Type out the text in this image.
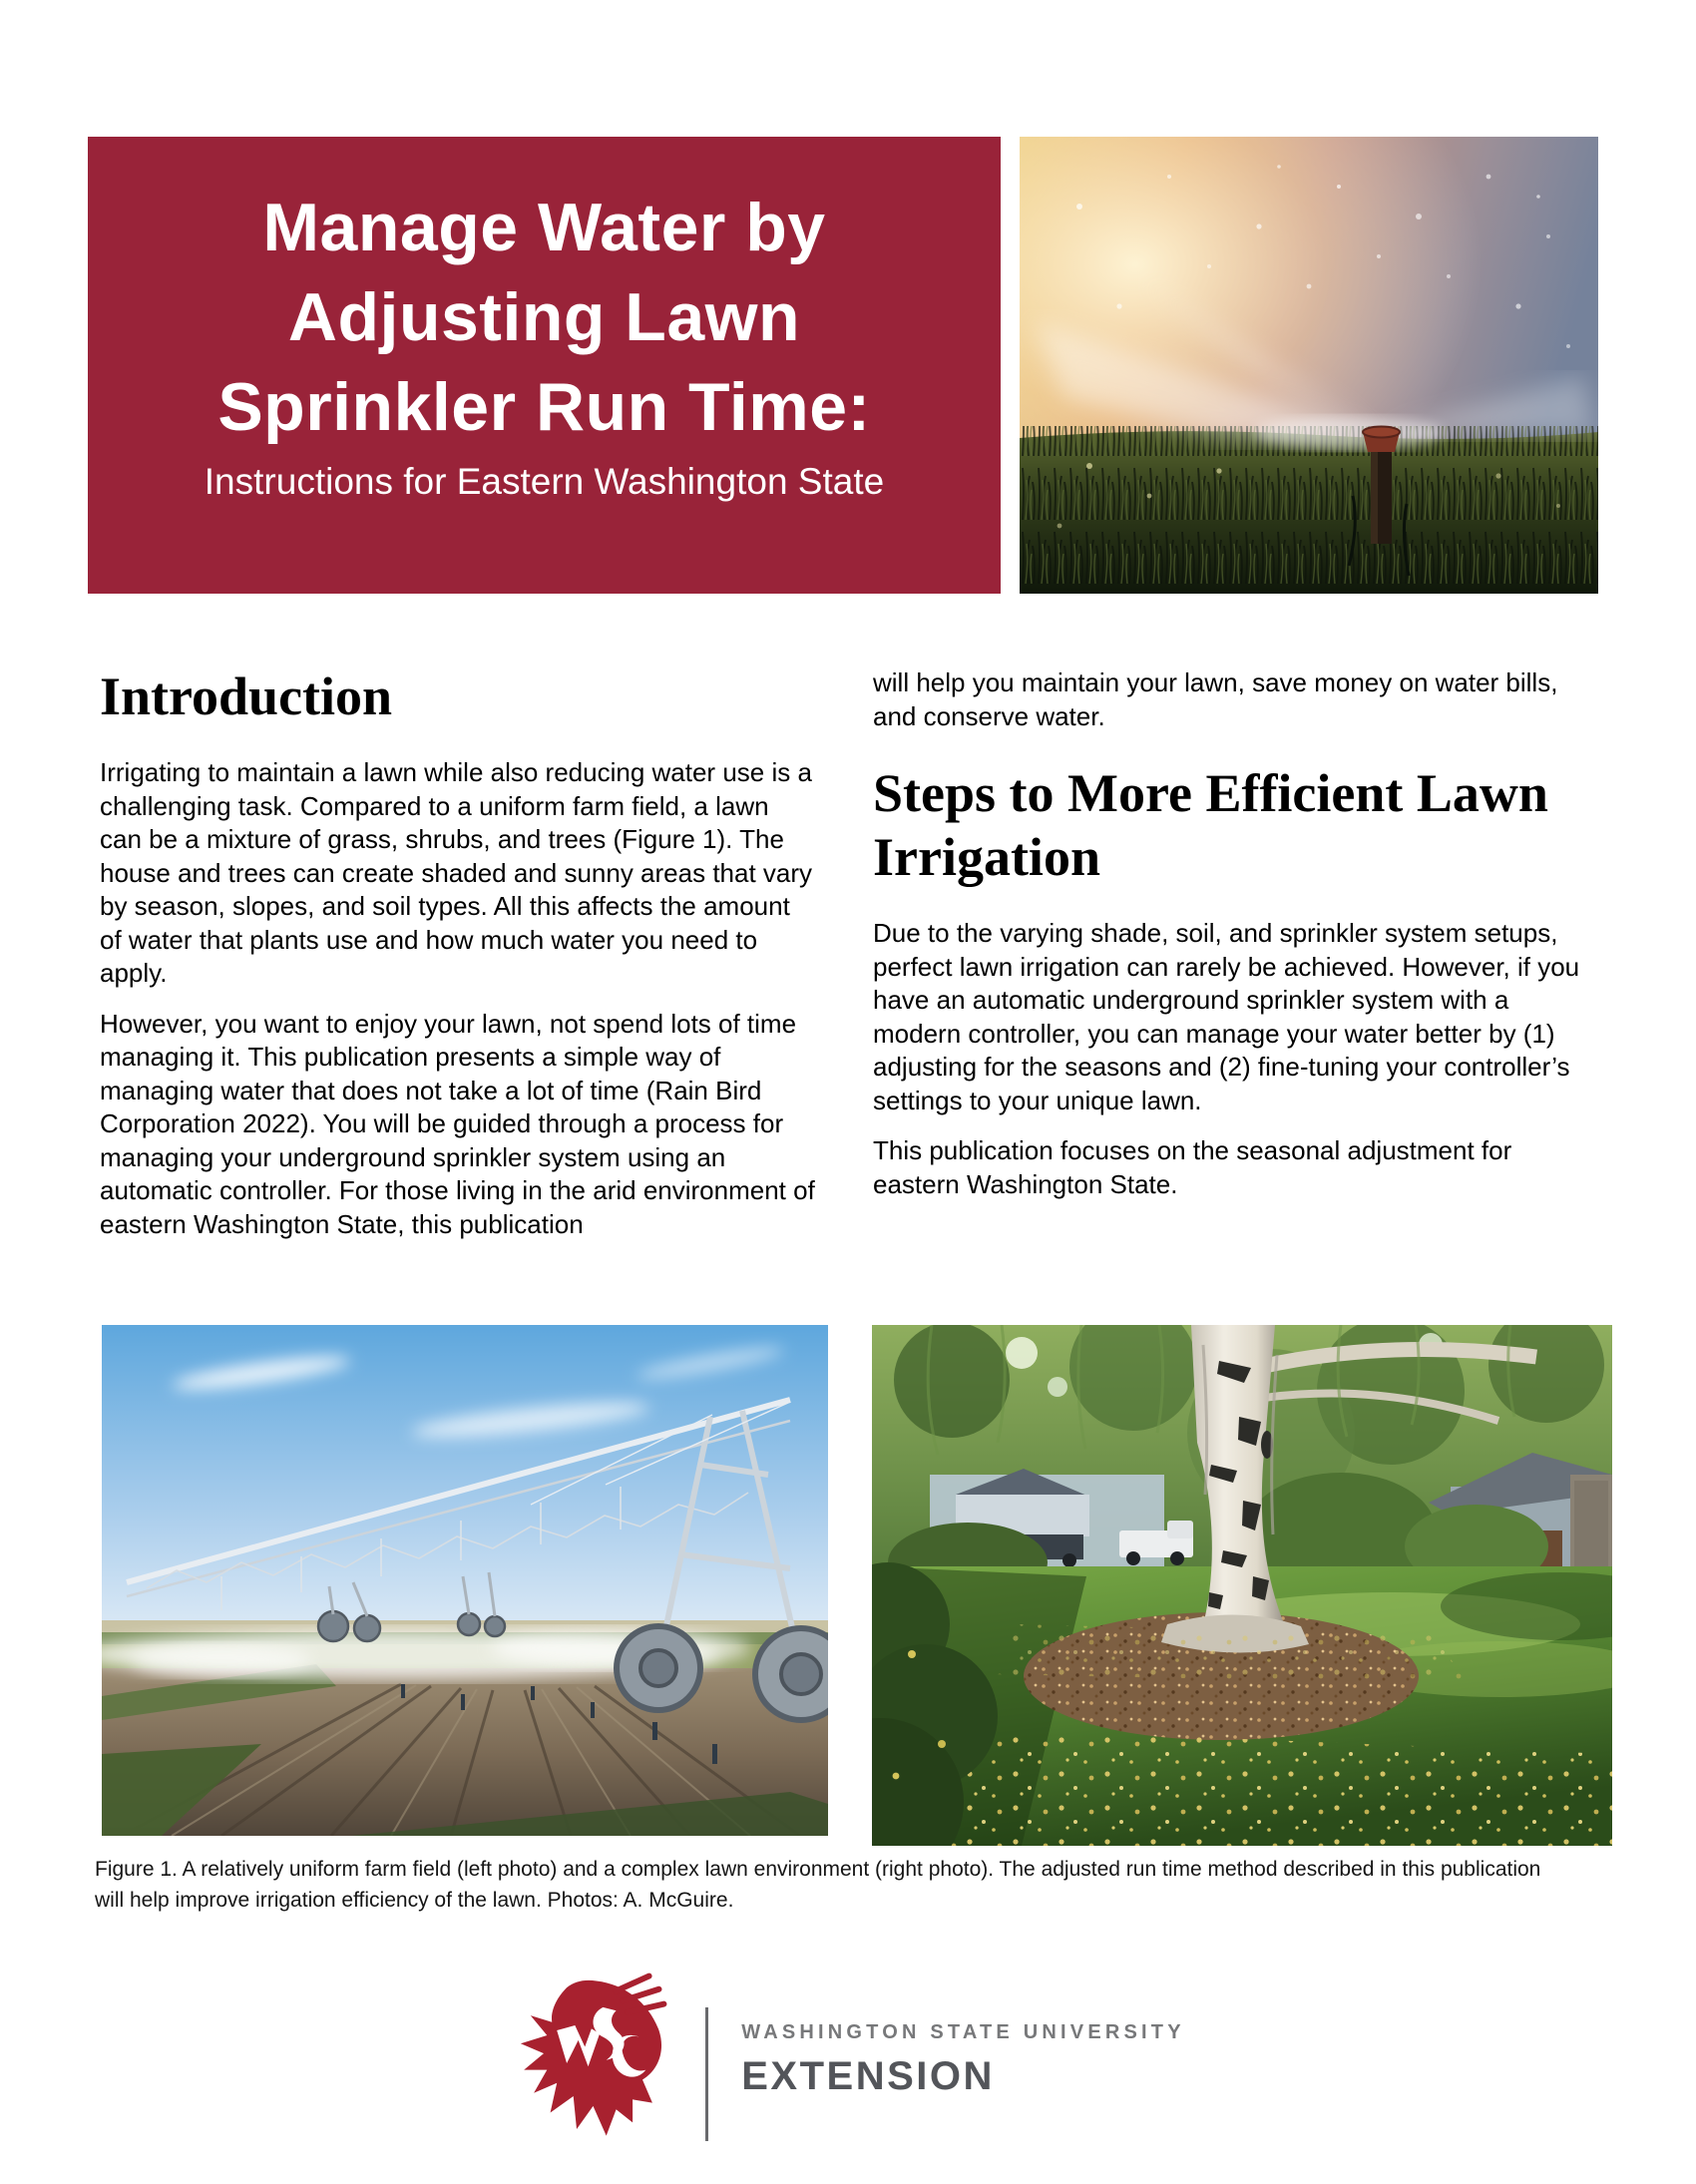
Manage Water by
Adjusting Lawn
Sprinkler Run Time:
Instructions for Eastern Washington State
Introduction

Irrigating to maintain a lawn while also reducing water use is a challenging task. Compared to a uniform farm field, a lawn can be a mixture of grass, shrubs, and trees (Figure 1). The house and trees can create shaded and sunny areas that vary by season, slopes, and soil types. All this affects the amount of water that plants use and how much water you need to apply.

However, you want to enjoy your lawn, not spend lots of time managing it. This publication presents a simple way of managing water that does not take a lot of time (Rain Bird Corporation 2022). You will be guided through a process for managing your underground sprinkler system using an automatic controller. For those living in the arid environment of eastern Washington State, this publication

will help you maintain your lawn, save money on water bills, and conserve water.

Steps to More Efficient Lawn Irrigation

Due to the varying shade, soil, and sprinkler system setups, perfect lawn irrigation can rarely be achieved. However, if you have an automatic underground sprinkler system with a modern controller, you can manage your water better by (1) adjusting for the seasons and (2) fine-tuning your controller’s settings to your unique lawn.

This publication focuses on the seasonal adjustment for eastern Washington State.

Figure 1. A relatively uniform farm field (left photo) and a complex lawn environment (right photo). The adjusted run time method described in this publication will help improve irrigation efficiency of the lawn. Photos: A. McGuire.
WASHINGTON STATE UNIVERSITY
EXTENSION
